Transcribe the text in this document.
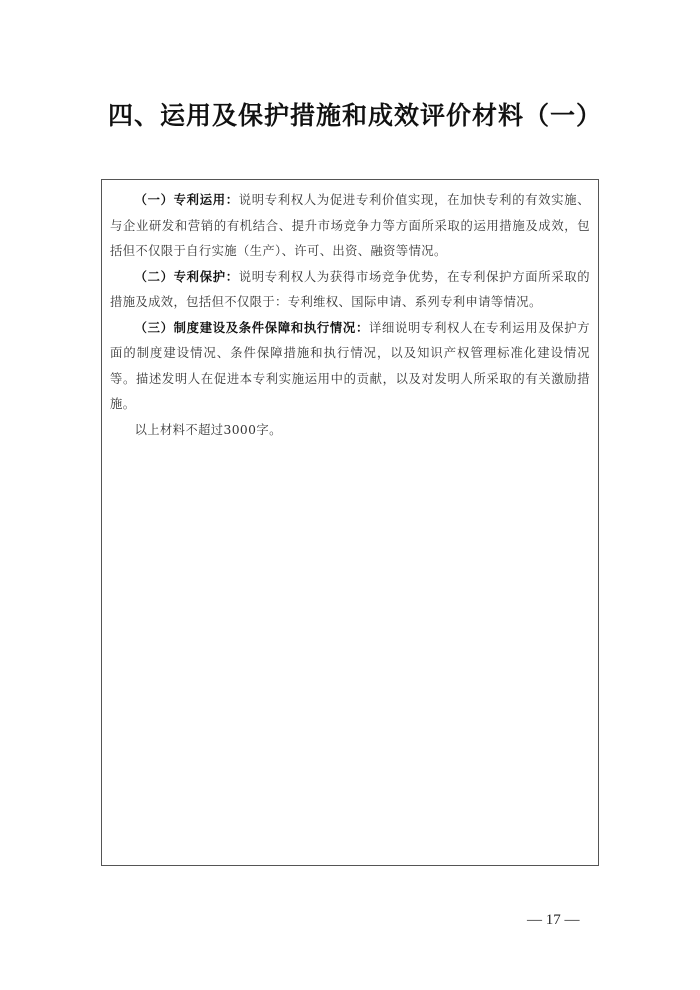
四、运用及保护措施和成效评价材料（一）

（一）专利运用：说明专利权人为促进专利价值实现，在加快专利的有效实施、与企业研发和营销的有机结合、提升市场竞争力等方面所采取的运用措施及成效，包括但不仅限于自行实施（生产）、许可、出资、融资等情况。

（二）专利保护：说明专利权人为获得市场竞争优势，在专利保护方面所采取的措施及成效，包括但不仅限于：专利维权、国际申请、系列专利申请等情况。

（三）制度建设及条件保障和执行情况：详细说明专利权人在专利运用及保护方面的制度建设情况、条件保障措施和执行情况，以及知识产权管理标准化建设情况等。描述发明人在促进本专利实施运用中的贡献，以及对发明人所采取的有关激励措施。

以上材料不超过3000字。

— 17 —
